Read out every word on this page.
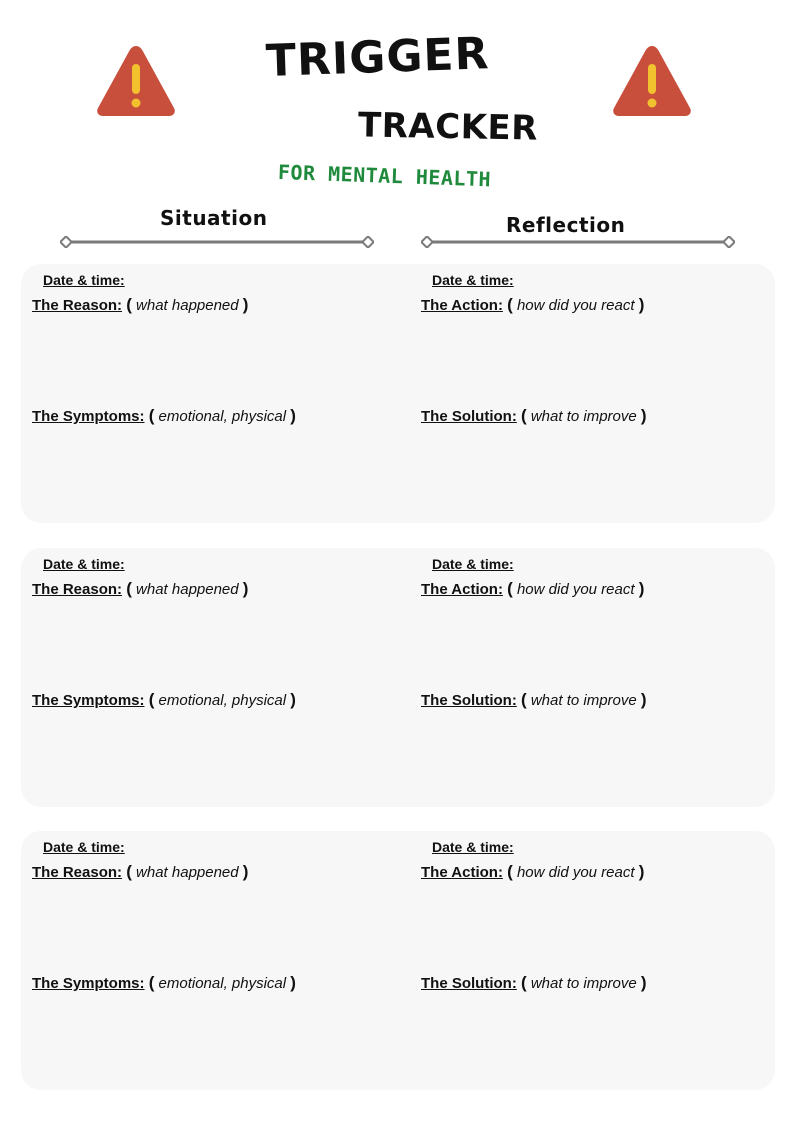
TRIGGER
TRACKER
FOR MENTAL HEALTH
Situation	Reflection
Date & time:	Date & time:
The Reason: ( what happened )	The Action: ( how did you react )
The Symptoms: ( emotional, physical )	The Solution: ( what to improve )
Date & time:	Date & time:
The Reason: ( what happened )	The Action: ( how did you react )
The Symptoms: ( emotional, physical )	The Solution: ( what to improve )
Date & time:	Date & time:
The Reason: ( what happened )	The Action: ( how did you react )
The Symptoms: ( emotional, physical )	The Solution: ( what to improve )
